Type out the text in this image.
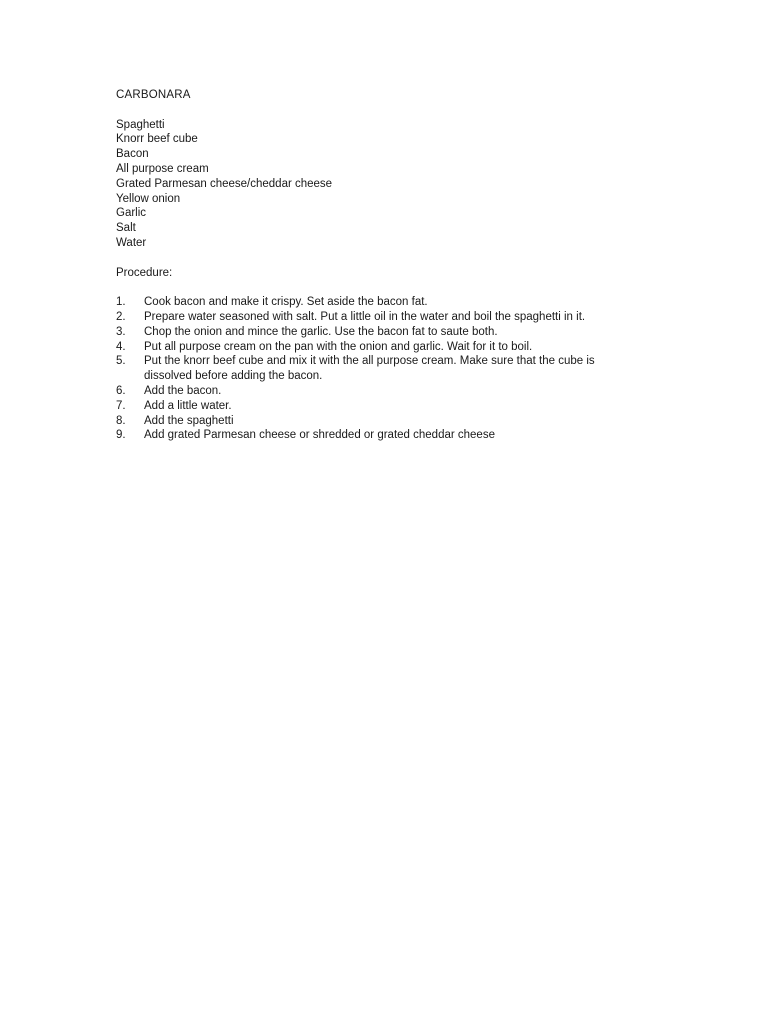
CARBONARA
Spaghetti
Knorr beef cube
Bacon
All purpose cream
Grated Parmesan cheese/cheddar cheese
Yellow onion
Garlic
Salt
Water
Procedure:
1.	Cook bacon and make it crispy. Set aside the bacon fat.
2.	Prepare water seasoned with salt. Put a little oil in the water and boil the spaghetti in it.
3.	Chop the onion and mince the garlic. Use the bacon fat to saute both.
4.	Put all purpose cream on the pan with the onion and garlic. Wait for it to boil.
5.	Put the knorr beef cube and mix it with the all purpose cream. Make sure that the cube is dissolved before adding the bacon.
6.	Add the bacon.
7.	Add a little water.
8.	Add the spaghetti
9.	Add grated Parmesan cheese or shredded or grated cheddar cheese
